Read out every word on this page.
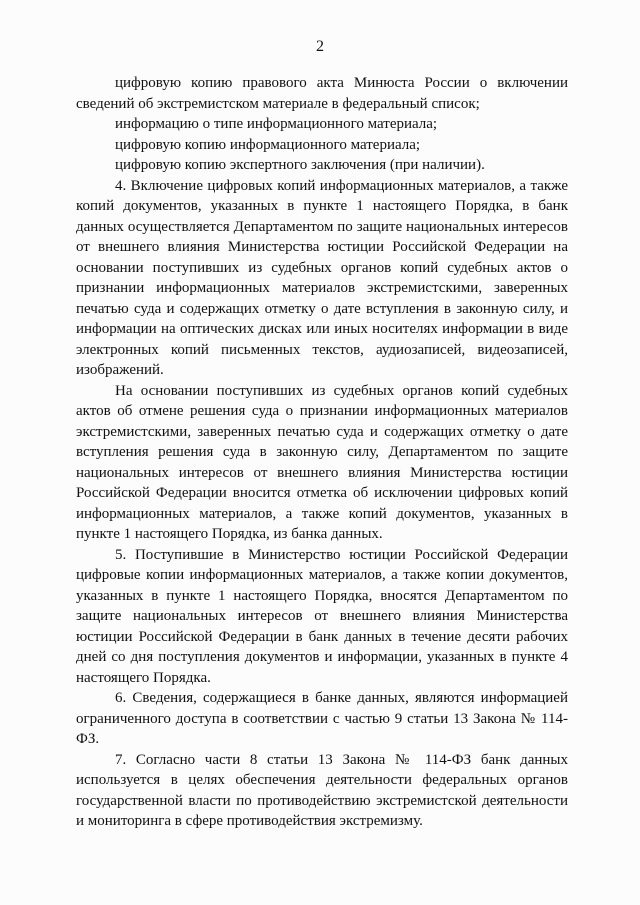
2

цифровую копию правового акта Минюста России о включении сведений об экстремистском материале в федеральный список;

информацию о типе информационного материала;

цифровую копию информационного материала;

цифровую копию экспертного заключения (при наличии).

4. Включение цифровых копий информационных материалов, а также копий документов, указанных в пункте 1 настоящего Порядка, в банк данных осуществляется Департаментом по защите национальных интересов от внешнего влияния Министерства юстиции Российской Федерации на основании поступивших из судебных органов копий судебных актов о признании информационных материалов экстремистскими, заверенных печатью суда и содержащих отметку о дате вступления в законную силу, и информации на оптических дисках или иных носителях информации в виде электронных копий письменных текстов, аудиозаписей, видеозаписей, изображений.

На основании поступивших из судебных органов копий судебных актов об отмене решения суда о признании информационных материалов экстремистскими, заверенных печатью суда и содержащих отметку о дате вступления решения суда в законную силу, Департаментом по защите национальных интересов от внешнего влияния Министерства юстиции Российской Федерации вносится отметка об исключении цифровых копий информационных материалов, а также копий документов, указанных в пункте 1 настоящего Порядка, из банка данных.

5. Поступившие в Министерство юстиции Российской Федерации цифровые копии информационных материалов, а также копии документов, указанных в пункте 1 настоящего Порядка, вносятся Департаментом по защите национальных интересов от внешнего влияния Министерства юстиции Российской Федерации в банк данных в течение десяти рабочих дней со дня поступления документов и информации, указанных в пункте 4 настоящего Порядка.

6. Сведения, содержащиеся в банке данных, являются информацией ограниченного доступа в соответствии с частью 9 статьи 13 Закона № 114-ФЗ.

7. Согласно части 8 статьи 13 Закона № 114-ФЗ банк данных используется в целях обеспечения деятельности федеральных органов государственной власти по противодействию экстремистской деятельности и мониторинга в сфере противодействия экстремизму.
